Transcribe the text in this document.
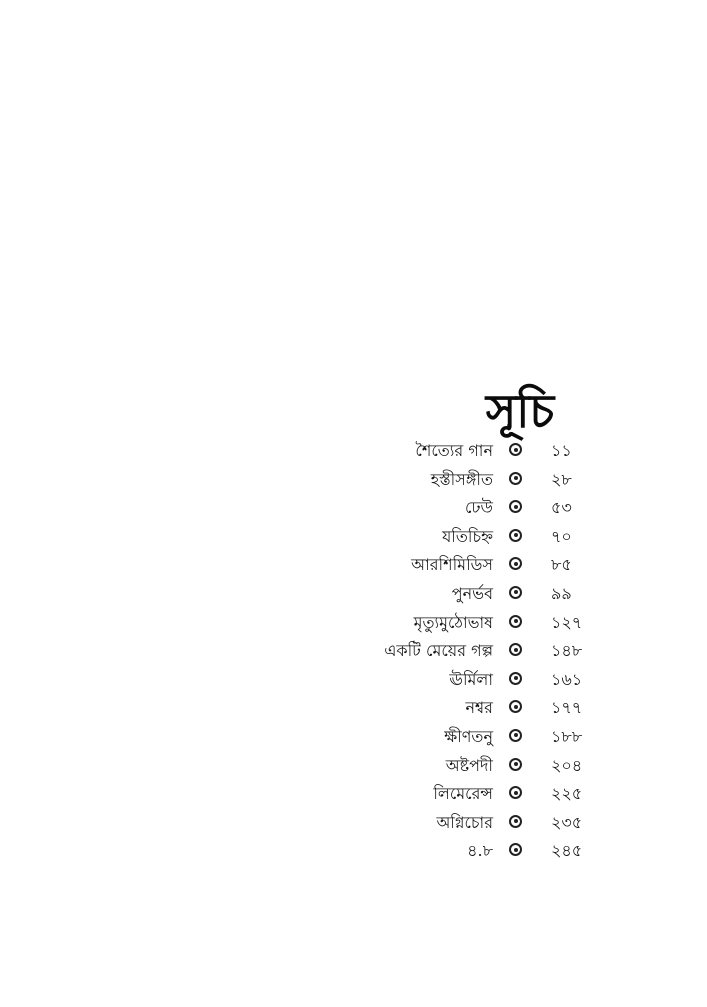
সূচি
শৈত্যের গান	১১
হস্তীসঙ্গীত	২৮
ঢেউ	৫৩
যতিচিহ্ন	৭০
আরশিমিডিস	৮৫
পুনর্ভব	৯৯
মৃত্যুমুঠোভাষ	১২৭
একটি মেয়ের গল্প	১৪৮
ঊর্মিলা	১৬১
নশ্বর	১৭৭
ক্ষীণতনু	১৮৮
অষ্টপদী	২০৪
লিমেরেন্স	২২৫
অগ্নিচোর	২৩৫
৪.৮	২৪৫
